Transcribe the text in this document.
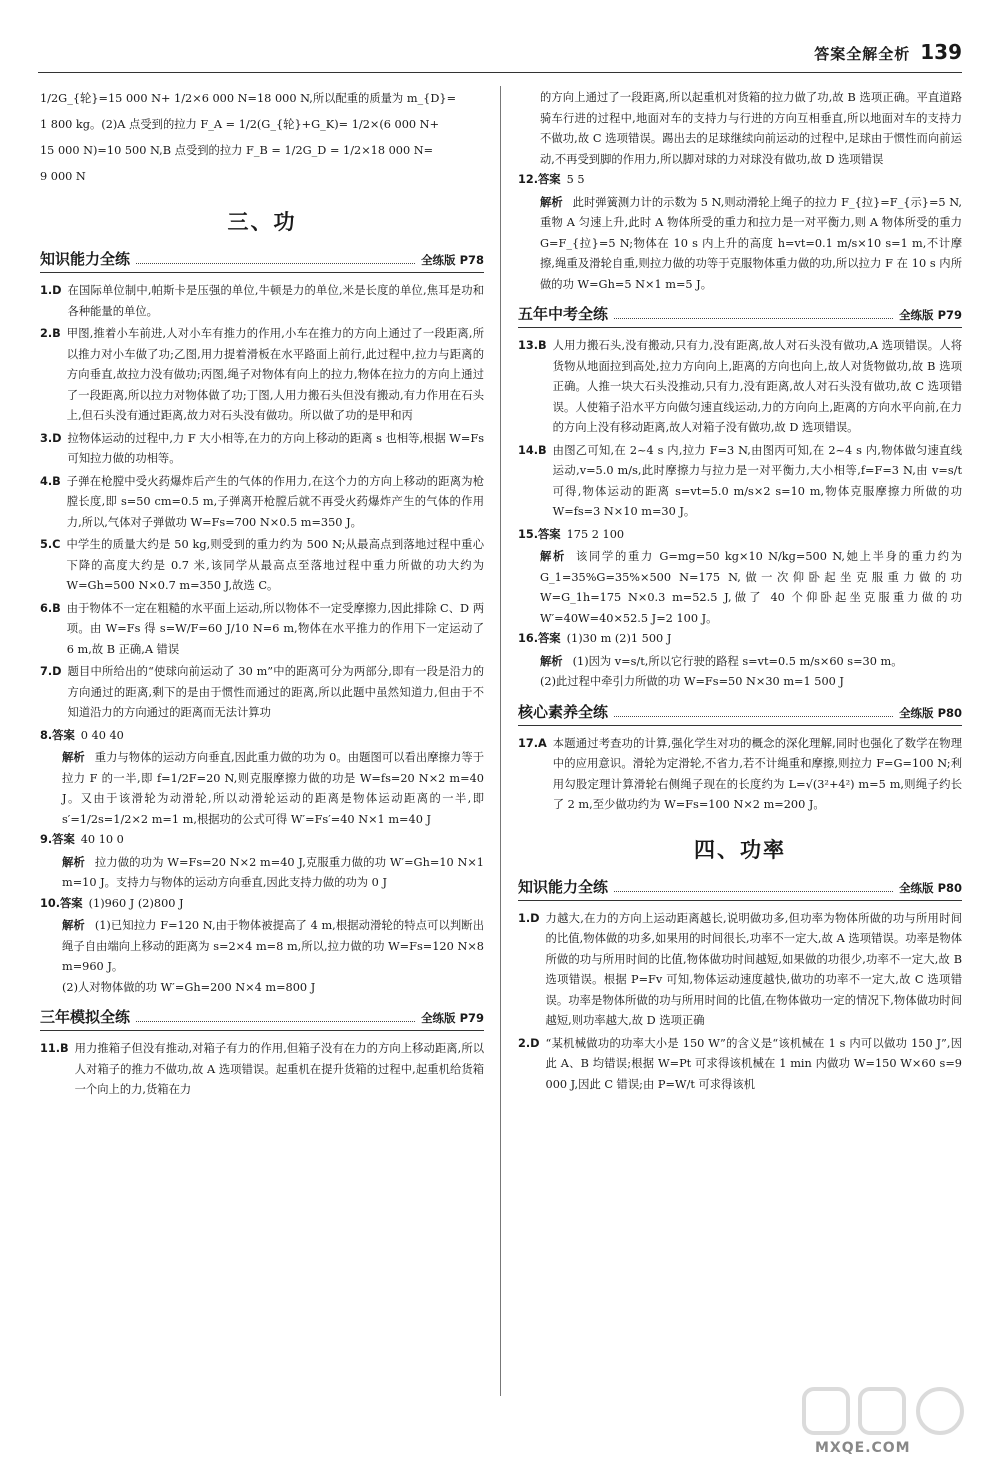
答案全解全析 139
1/2G_{轮}=15 000 N+ 1/2×6 000 N=18 000 N,所以配重的质量为 m_{D}=
1 800 kg。(2)A 点受到的拉力 F_A = 1/2(G_{轮}+G_K)= 1/2×(6 000 N+
15 000 N)=10 500 N,B 点受到的拉力 F_B = 1/2G_D = 1/2×18 000 N=
9 000 N
三、功
知识能力全练	全练版 P78
1.D 在国际单位制中,帕斯卡是压强的单位,牛顿是力的单位,米是长度的单位,焦耳是功和各种能量的单位。
2.B 甲图,推着小车前进,人对小车有推力的作用,小车在推力的方向上通过了一段距离,所以推力对小车做了功;乙图,用力提着滑板在水平路面上前行,此过程中,拉力与距离的方向垂直,故拉力没有做功;丙图,绳子对物体有向上的拉力,物体在拉力的方向上通过了一段距离,所以拉力对物体做了功;丁图,人用力搬石头但没有搬动,有力作用在石头上,但石头没有通过距离,故力对石头没有做功。所以做了功的是甲和丙
3.D 拉物体运动的过程中,力 F 大小相等,在力的方向上移动的距离 s 也相等,根据 W=Fs 可知拉力做的功相等。
4.B 子弹在枪膛中受火药爆炸后产生的气体的作用力,在这个力的方向上移动的距离为枪膛长度,即 s=50 cm=0.5 m,子弹离开枪膛后就不再受火药爆炸产生的气体的作用力,所以,气体对子弹做功 W=Fs=700 N×0.5 m=350 J。
5.C 中学生的质量大约是 50 kg,则受到的重力约为 500 N;从最高点到落地过程中重心下降的高度大约是 0.7 米,该同学从最高点至落地过程中重力所做的功大约为 W=Gh=500 N×0.7 m=350 J,故选 C。
6.B 由于物体不一定在粗糙的水平面上运动,所以物体不一定受摩擦力,因此排除 C、D 两项。由 W=Fs 得 s=W/F=60 J/10 N=6 m,物体在水平推力的作用下一定运动了 6 m,故 B 正确,A 错误
7.D 题目中所给出的“使球向前运动了 30 m”中的距离可分为两部分,即有一段是沿力的方向通过的距离,剩下的是由于惯性而通过的距离,所以此题中虽然知道力,但由于不知道沿力的方向通过的距离而无法计算功
8.答案 0 40 40
解析 重力与物体的运动方向垂直,因此重力做的功为 0。由题图可以看出摩擦力等于拉力 F 的一半,即 f=1/2F=20 N,则克服摩擦力做的功是 W=fs=20 N×2 m=40 J。又由于该滑轮为动滑轮,所以动滑轮运动的距离是物体运动距离的一半,即 s′=1/2s=1/2×2 m=1 m,根据功的公式可得 W′=Fs′=40 N×1 m=40 J
9.答案 40 10 0
解析 拉力做的功为 W=Fs=20 N×2 m=40 J,克服重力做的功 W′=Gh=10 N×1 m=10 J。支持力与物体的运动方向垂直,因此支持力做的功为 0 J
10.答案 (1)960 J (2)800 J
解析 (1)已知拉力 F=120 N,由于物体被提高了 4 m,根据动滑轮的特点可以判断出绳子自由端向上移动的距离为 s=2×4 m=8 m,所以,拉力做的功 W=Fs=120 N×8 m=960 J。
(2)人对物体做的功 W′=Gh=200 N×4 m=800 J
三年模拟全练	全练版 P79
11.B 用力推箱子但没有推动,对箱子有力的作用,但箱子没有在力的方向上移动距离,所以人对箱子的推力不做功,故 A 选项错误。起重机在提升货箱的过程中,起重机给货箱一个向上的力,货箱在力
的方向上通过了一段距离,所以起重机对货箱的拉力做了功,故 B 选项正确。平直道路骑车行进的过程中,地面对车的支持力与行进的方向互相垂直,所以地面对车的支持力不做功,故 C 选项错误。踢出去的足球继续向前运动的过程中,足球由于惯性而向前运动,不再受到脚的作用力,所以脚对球的力对球没有做功,故 D 选项错误
12.答案 5 5
解析 此时弹簧测力计的示数为 5 N,则动滑轮上绳子的拉力 F_{拉}=F_{示}=5 N,重物 A 匀速上升,此时 A 物体所受的重力和拉力是一对平衡力,则 A 物体所受的重力 G=F_{拉}=5 N;物体在 10 s 内上升的高度 h=vt=0.1 m/s×10 s=1 m,不计摩擦,绳重及滑轮自重,则拉力做的功等于克服物体重力做的功,所以拉力 F 在 10 s 内所做的功 W=Gh=5 N×1 m=5 J。
五年中考全练	全练版 P79
13.B 人用力搬石头,没有搬动,只有力,没有距离,故人对石头没有做功,A 选项错误。人将货物从地面拉到高处,拉力方向向上,距离的方向也向上,故人对货物做功,故 B 选项正确。人推一块大石头没推动,只有力,没有距离,故人对石头没有做功,故 C 选项错误。人使箱子沿水平方向做匀速直线运动,力的方向向上,距离的方向水平向前,在力的方向上没有移动距离,故人对箱子没有做功,故 D 选项错误。
14.B 由图乙可知,在 2~4 s 内,拉力 F=3 N,由图丙可知,在 2~4 s 内,物体做匀速直线运动,v=5.0 m/s,此时摩擦力与拉力是一对平衡力,大小相等,f=F=3 N,由 v=s/t 可得,物体运动的距离 s=vt=5.0 m/s×2 s=10 m,物体克服摩擦力所做的功 W=fs=3 N×10 m=30 J。
15.答案 175 2 100
解析 该同学的重力 G=mg=50 kg×10 N/kg=500 N,她上半身的重力约为 G_1=35%G=35%×500 N=175 N,做一次仰卧起坐克服重力做的功 W=G_1h=175 N×0.3 m=52.5 J,做了 40 个仰卧起坐克服重力做的功 W′=40W=40×52.5 J=2 100 J。
16.答案 (1)30 m (2)1 500 J
解析 (1)因为 v=s/t,所以它行驶的路程 s=vt=0.5 m/s×60 s=30 m。
(2)此过程中牵引力所做的功 W=Fs=50 N×30 m=1 500 J
核心素养全练	全练版 P80
17.A 本题通过考查功的计算,强化学生对功的概念的深化理解,同时也强化了数学在物理中的应用意识。滑轮为定滑轮,不省力,若不计绳重和摩擦,则拉力 F=G=100 N;利用勾股定理计算滑轮右侧绳子现在的长度约为 L=√(3²+4²) m=5 m,则绳子约长了 2 m,至少做功约为 W=Fs=100 N×2 m=200 J。
四、功率
知识能力全练	全练版 P80
1.D 力越大,在力的方向上运动距离越长,说明做功多,但功率为物体所做的功与所用时间的比值,物体做的功多,如果用的时间很长,功率不一定大,故 A 选项错误。功率是物体所做的功与所用时间的比值,物体做功时间越短,如果做的功很少,功率不一定大,故 B 选项错误。根据 P=Fv 可知,物体运动速度越快,做功的功率不一定大,故 C 选项错误。功率是物体所做的功与所用时间的比值,在物体做功一定的情况下,物体做功时间越短,则功率越大,故 D 选项正确
2.D “某机械做功的功率大小是 150 W”的含义是“该机械在 1 s 内可以做功 150 J”,因此 A、B 均错误;根据 W=Pt 可求得该机械在 1 min 内做功 W=150 W×60 s=9 000 J,因此 C 错误;由 P=W/t 可求得该机
MXQE.COM
